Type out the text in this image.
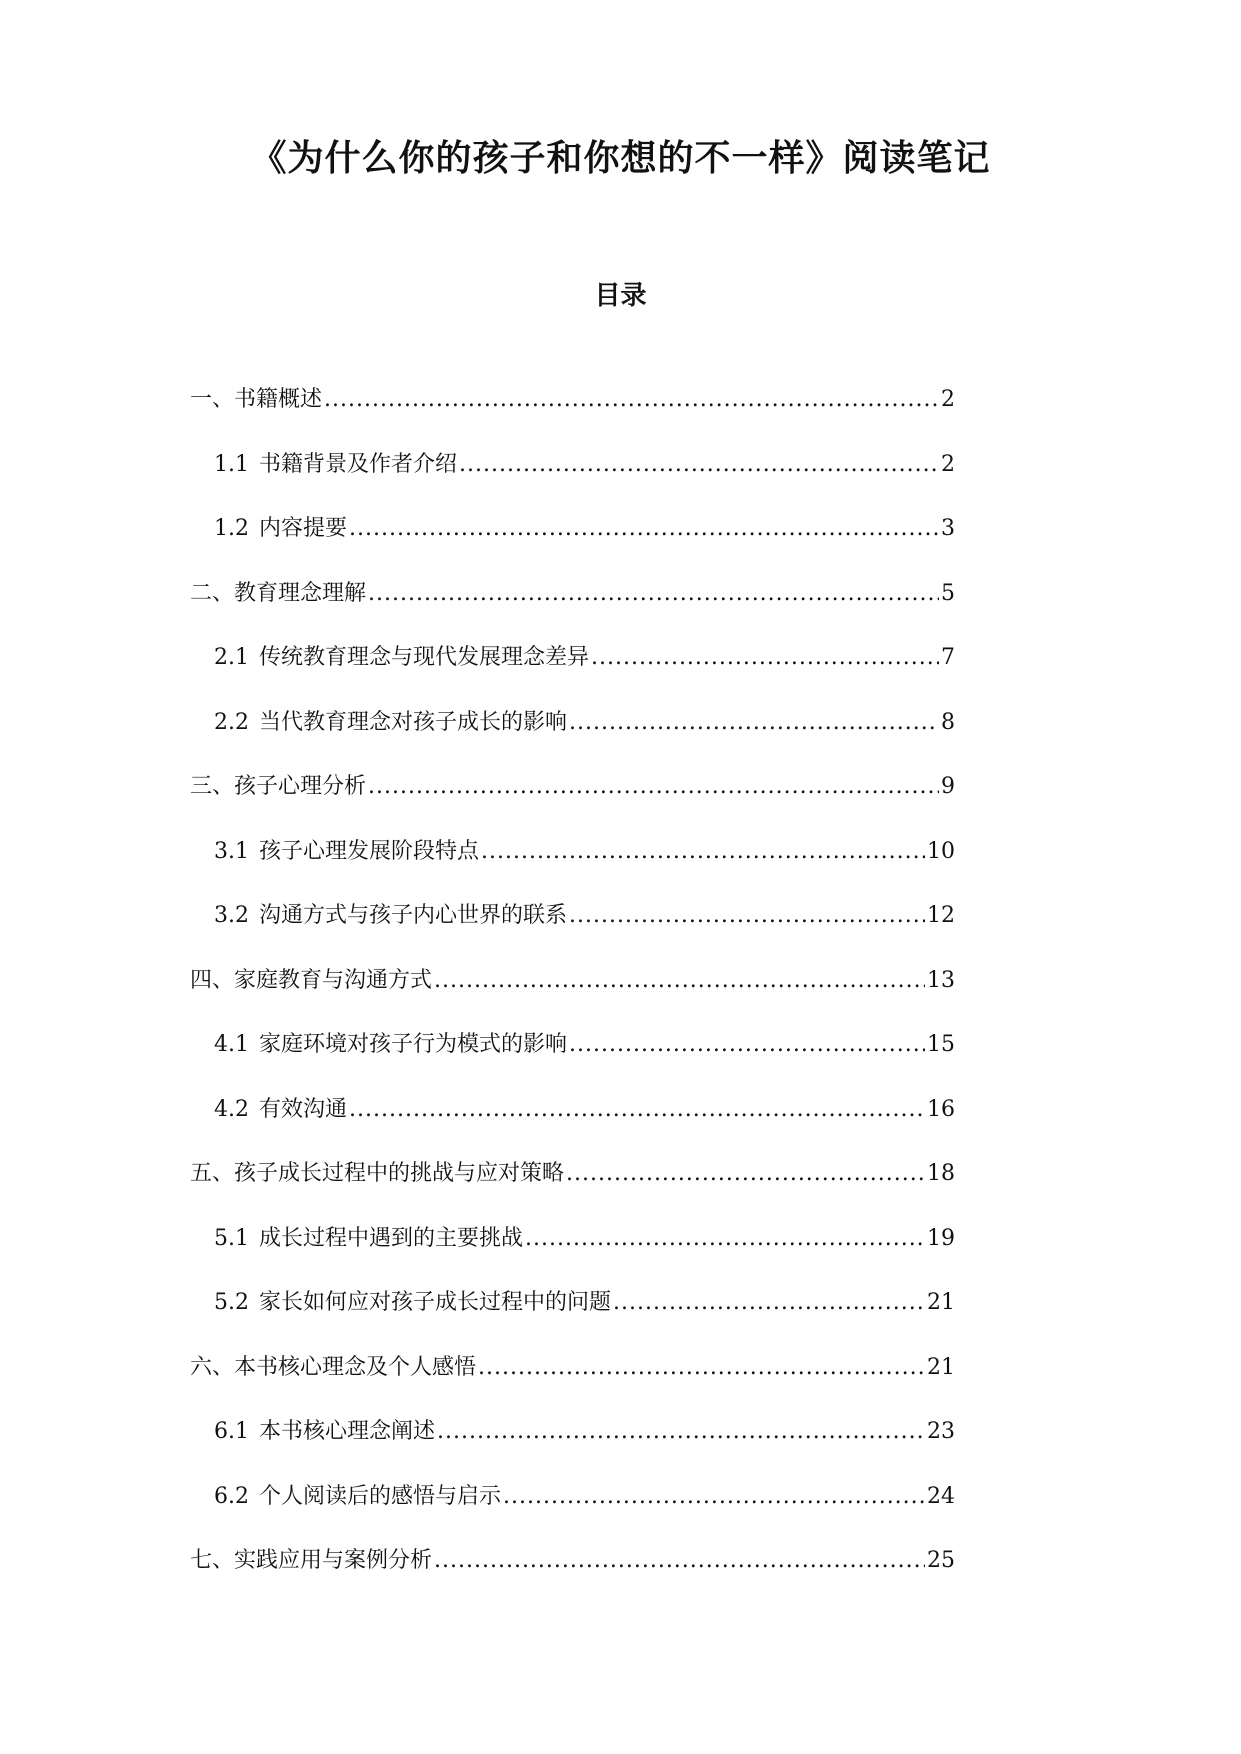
《为什么你的孩子和你想的不一样》阅读笔记
目录
一、书籍概述 .....	2
1.1 书籍背景及作者介绍 .....	2
1.2 内容提要 .....	3
二、教育理念理解 .....	5
2.1 传统教育理念与现代发展理念差异 .....	7
2.2 当代教育理念对孩子成长的影响 .....	8
三、孩子心理分析 .....	9
3.1 孩子心理发展阶段特点 .....	10
3.2 沟通方式与孩子内心世界的联系 .....	12
四、家庭教育与沟通方式 .....	13
4.1 家庭环境对孩子行为模式的影响 .....	15
4.2 有效沟通 .....	16
五、孩子成长过程中的挑战与应对策略 .....	18
5.1 成长过程中遇到的主要挑战 .....	19
5.2 家长如何应对孩子成长过程中的问题 .....	21
六、本书核心理念及个人感悟 .....	21
6.1 本书核心理念阐述 .....	23
6.2 个人阅读后的感悟与启示 .....	24
七、实践应用与案例分析 .....	25
